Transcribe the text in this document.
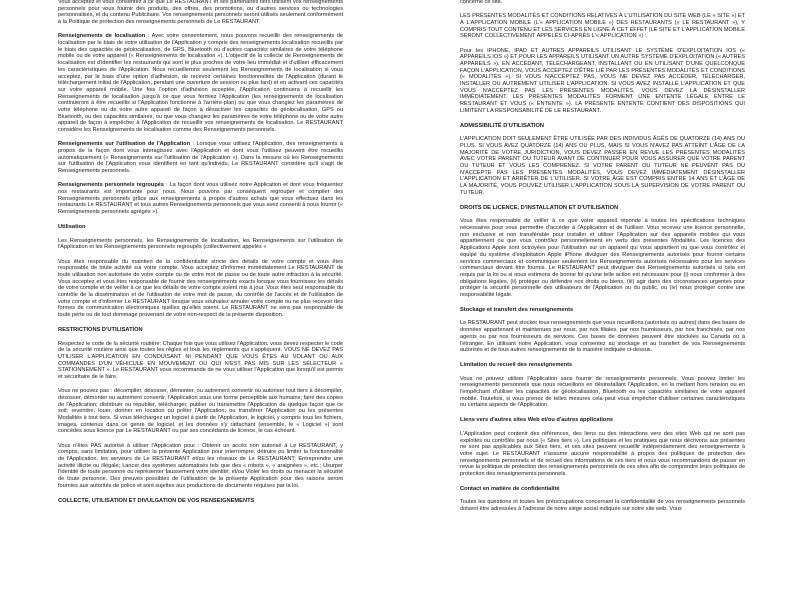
Vous acceptez et vous consentez à ce que Le RESTAURANT et ses partenaires tiers utilisent vos renseignements personnels pour vous fournir des produits, des offres, des promotions, ou d'autres services ou technologies personnalisés, et du contenu Publicitaire. Vos renseignements personnels seront utilisés seulement conformément à la Politique de protection des renseignements personnels de Le RESTAURANT.

Renseignements de localisation : Avec votre consentement, nous pouvons recueillir des renseignements de localisation par le biais de votre utilisation de l'Application y compris des renseignements localisation recueillis par le biais des capacités de géolocalisation, de GPS, Bluetooth ou d'autres capacités similaires de votre téléphone mobile ou de votre appareil (« Renseignements de localisation »). L'objectif de la collecte de Renseignements de localisation est d'identifier les restaurants qui sont le plus proches de votre lieu immédiat et d'utiliser efficacement les caractéristiques de l'Application. Nous recueillerons seulement les Renseignements de localisation si vous acceptez, par le biais d'une option d'adhésion, de recevoir certaines fonctionnalités de l'Application (durant le téléchargement initial de l'Application, pendant une ouverture de session ou plus tard) et en activant ces capacités sur votre appareil mobile. Une fois l'option d'adhésion acceptée, l'Application continuera à recueillir les Renseignements de localisation jusqu'à ce que vous fermiez l'Application (les renseignements de localisation continueront à être recueillis si l'Application fonctionne à l'arrière-plan) ou que vous changiez les paramètres de votre téléphone ou de votre autre appareil de façon à désactiver les capacités de géolocalisation, GPS ou Bluetooth, ou des capacités similaires, ou que vous changiez les paramètres de votre téléphone ou de votre autre appareil de façon à empêcher à l'Application de recueillir vos renseignements de localisation. Le RESTAURANT considère les Renseignements de localisation comme des Renseignements personnels.

Renseignements sur l'utilisation de l'Application : Lorsque vous utilisez l'Application, des renseignements à propos de la façon dont vous interagissez avec l'Application et dont vous l'utilisez peuvent être recueillis automatiquement (« Renseignements sur l'utilisation de l'Application »). Dans la mesure où les Renseignements sur l'utilisation de l'Application vous identifient en tant qu'individu, Le RESTAURANT considère qu'il s'agit de Renseignements personnels.

Renseignements personnels regroupés : La façon dont vous utilisez notre Application et dont vous fréquentez nos restaurants est importante pour nous. Nous pouvons par conséquent regrouper et compiler des Renseignements personnels grâce aux renseignements à propos d'autres achats que vous effectuez dans les restaurants Le RESTAURANT et tous autres Renseignements personnels que vous avez consenti à nous fournir (« Renseignements personnels agrégés »).

Utilisation

Les Renseignements personnels, les Renseignements de localisation, les Renseignements sur l'utilisation de l'Application et les Renseignements personnels regroupés (collectivement appelés «

Vous êtes responsable du maintien de la confidentialité stricte des détails de votre compte et vous êtes responsable de toute activité sur votre compte. Vous acceptez d'informer immédiatement Le RESTAURANT de toute utilisation non autorisée de votre compte ou de votre mot de passe ou de toute autre infraction à la sécurité. Vous acceptez et vous êtes responsable de fournir des renseignements exacts lorsque vous fournissez les détails de votre compte et de veiller à ce que les détails de votre compte soient mis à jour. Vous êtes seul responsable du contrôle de la dissémination et de l'utilisation de votre mot de passe, du contrôle de l'accès et de l'utilisation de votre compte et d'informer Le RESTAURANT lorsque vous souhaitez annuler votre compte ou ne plus recevoir des formes de communication électroniques quelles qu'elles soient. Le RESTAURANT ne sera pas responsable de toute perte ou de tout dommage provenant de votre non-respect de la présente disposition.

RESTRICTIONS D'UTILISATION

Respectez le code de la sécurité routière: Chaque fois que vous utilisez l'Application, vous devez respecter le code de la sécurité routière ainsi que toutes les règles et tous les règlements qui s'appliquent. VOUS NE DEVEZ PAS UTILISER L'APPLICATION EN CONDUISANT NI PENDANT QUE VOUS ÊTES AU VOLANT OU AUX COMMANDES D'UN VÉHICULE EN MOUVEMENT OU QUI N'EST PAS MIS SUR LES SÉLECTEUR « STATIONNEMENT ». Le RESTAURANT vous recommande de ne vous utiliser l'Application que lorsqu'il est permis et sécuritaire de le faire.

Vous ne pouvez pas : décompiler, désosser, démonter, ou autrement convertir ou autoriser tout tiers à décompiler, désosser, démonter ou autrement convertir, l'Application sous une forme perceptible aux humains; faire des copies de l'Application; distribuer ou republier, télécharger, publier ou transmettre l'Application de quelque façon que ce soit; revendre, louer, donner en location ou prêter l'Application; ou transférer l'Application ou les présentes Modalités à tout tiers. Si vous téléchargez un logiciel à partir de l'Application, le logiciel, y compris tous les fichiers, images, contenus dans ce genre de logiciel, et les données s'y rattachant (ensemble, le « Logiciel ») sont concédés sous licence par Le RESTAURANT ou par ses concédants de licence, le cas échéant.

Vous n'êtes PAS autorisé à utiliser l'Application pour : Obtenir un accès non autorisé à Le RESTAURANT, y compris, sans limitation, pour utiliser la présente Application pour interrompre, détruire ou limiter la fonctionnalité de l'Application, les serveurs de Le RESTAURANT et/ou les réseaux de Le RESTAURANT; Entreprendre une activité illicite ou illégale; Lancer des systèmes automatisés tels que des « robots », « araignées », etc.; Usurper l'identité de toute personne ou représenter faussement votre identité; et/ou Violer les droits ou menacer la sécurité de toute personne. Des preuves possibles de l'utilisation de la présente Application pour des raisons seront fournies aux autorités de police et sont sujettes aux productions de documents requises par la loi.

COLLECTE, UTILISATION ET DIVULGATION DE VOS RENSEIGNEMENTS

concerne ce site.

LES PRÉSENTES MODALITÉS ET CONDITIONS RELATIVES À L'UTILISATION DU SITE WEB (LE « SITE ») ET À L'APPLICATION MOBILE (L'« APPLICATION MOBILE ») DES RESTAURANTS (« LE RESTAURANT »), Y COMPRIS TOUT CONTENU ET LES SERVICES EN LIGNE À CET EFFET (LE SITE ET L'APPLICATION MOBILE SERONT COLLECTIVEMENT APPELÉS CI-APRÈS L'« APPLICATION ») :

Pour les IPHONE, IPAD ET AUTRES APPAREILS UTILISANT LE SYSTÈME D'EXPLOITATION IOS (« APPAREILS IOS ») ET POUR LES APPAREILS UTILISANT UN AUTRE SYSTÈME D'EXPLOITATION (« AUTRES APPAREILS »). EN ACCÉDANT, TÉLÉCHARGEANT, INSTALLANT OU EN UTILISANT D'UNE QUELCONQUE FAÇON L'APPLICATION, VOUS ACCEPTEZ D'ÊTRE LIÉ PAR LES PRÉSENTES MODALITÉS ET CONDITIONS (« MODALITÉS »). SI VOUS N'ACCEPTEZ PAS, VOUS NE DEVEZ PAS ACCÉDER, TÉLÉCHARGER, INSTALLER OU AUTREMENT UTILISER L'APPLICATION. SI VOUS AVEZ INSTALLÉ L'APPLICATION ET QUE VOUS N'ACCEPTEZ PAS LES PRÉSENTES MODALITÉS, VOUS DEVEZ LA DÉSINSTALLER IMMÉDIATEMENT. LES PRÉSENTES MODALITÉS FORMENT UNE ENTENTE LÉGALE ENTRE LE RESTAURANT ET VOUS (« ENTENTE »). LA PRÉSENTE ENTENTE CONTIENT DES DISPOSITIONS QUI LIMITENT LA RESPONSABILITÉ DE LE RESTAURANT.

ADMISSIBILITÉ D'UTILISATION

L'APPLICATION DOIT SEULEMENT ÊTRE UTILISÉE PAR DES INDIVIDUS ÂGÉS DE QUATORZE (14) ANS OU PLUS. SI VOUS AVEZ QUATORZE (14) ANS OU PLUS, MAIS SI VOUS N'AVEZ PAS ATTEINT L'ÂGE DE LA MAJORITÉ DE VOTRE JURIDICTION, VOUS DEVEZ PASSER EN REVUE LES PRÉSENTES MODALITÉS AVEC VOTRE PARENT OU TUTEUR AVANT DE CONTINUER POUR VOUS ASSURER QUE VOTRE PARENT OU TUTEUR ET VOUS LES COMPRENEZ. SI VOTRE PARENT OU TUTEUR NE PEUVENT PAS OU N'ACCEPTE PAS LES PRÉSENTES MODALITÉS, VOUS DEVEZ IMMÉDIATEMENT DÉSINSTALLER L'APPLICATION ET ARRÊTER DE L'UTILISER. SI VOTRE ÂGE EST COMPRIS ENTRE 14 ANS ET L'ÂGE DE LA MAJORITÉ, VOUS POUVEZ UTILISER L'APPLICATION SOUS LA SUPERVISION DE VOTRE PARENT OU TUTEUR.

DROITS DE LICENCE, D'INSTALLATION ET D'UTILISATION

Vous êtes responsable de veiller à ce que votre appareil réponde à toutes les spécifications techniques nécessaires pour vous permettre d'accéder à l'Application et de l'utiliser. Vous recevez une licence personnelle, non exclusive et non transférable pour installer et utiliser l'Application sur des appareils mobiles qui vous appartiennent ou que vous contrôlez personnellement en vertu des présentes Modalités. Les licences des Applications Apple sont octroyées pour l'utilisation sur un appareil qui vous appartient ou que vous contrôlez et équipé du système d'exploitation Apple iPhone divulguer des Renseignements autorisés pour fournir certains services commerciaux et communiquer seulement les Renseignements autorisés nécessaires pour les services commerciaux devant être fournis. Le RESTAURANT peut divulguer des Renseignements autorisés si cela est requis par la loi ou si nous estimons de bonne foi qu'une telle action est nécessaire pour (i) nous conformer à des obligations légales, (ii) protéger ou défendre nos droits ou biens, (iii) agir dans des circonstances urgentes pour protéger la sécurité personnelle des utilisateurs de l'Application ou du public, ou (iv) nous protéger contre une responsabilité légale.

Stockage et transfert des renseignements

Le RESTAURANT peut stocker tous renseignements que vous recueillons (autorisés ou autres) dans des bases de données appartenant et maintenues par nous, par nos filiales, par nos fournisseurs, par nos franchisés, par nos agents ou par nos fournisseurs de services. Ces bases de données peuvent être stockées au Canada ou à l'étranger. En utilisant notre Application, vous consentez au stockage et au transfert de vos Renseignements autorisés et de tous autres renseignements de la manière indiquée ci-dessus.

Limitation du recueil des renseignements

Vous ne pouvez utiliser l'Application sans fournir de renseignements personnels. Vous pouvez limiter les renseignements personnels que nous recueillons en désinstallant l'Application, en la mettant hors tension ou en l'empêchant d'utiliser les capacités de géolocalisation, Bluetooth ou les capacités similaires de votre appareil mobile. Toutefois, si vous prenez de telles mesures cela peut vous empêcher d'utiliser certaines caractéristiques ou certains aspects de l'Application.

Liens vers d'autres sites Web et/ou d'autres applications

L'Application peut contenir des références, des liens ou des interactions vers des sites Web qui ne sont pas exploités ou contrôlés par nous (« Sites tiers »). Les politiques et les pratiques que nous décrivons aux présentes ne sont pas applicables aux Sites tiers, et ces sites peuvent recueillir indépendamment des renseignements à votre sujet. Le RESTAURANT n'assume aucune responsabilité à propos des politiques de protection des renseignements personnels et de recueil des informations de ces tiers et nous vous recommandons de passer en revue la politique de protection des renseignements personnels de ces sites afin de comprendre leurs politiques de protection des renseignements personnels.

Contact en matière de confidentialité

Toutes les questions et toutes les préoccupations concernant la confidentialité de vos renseignements personnels doivent être adressées à l'adresse de notre siège social indiquée sur notre site web. Vous
